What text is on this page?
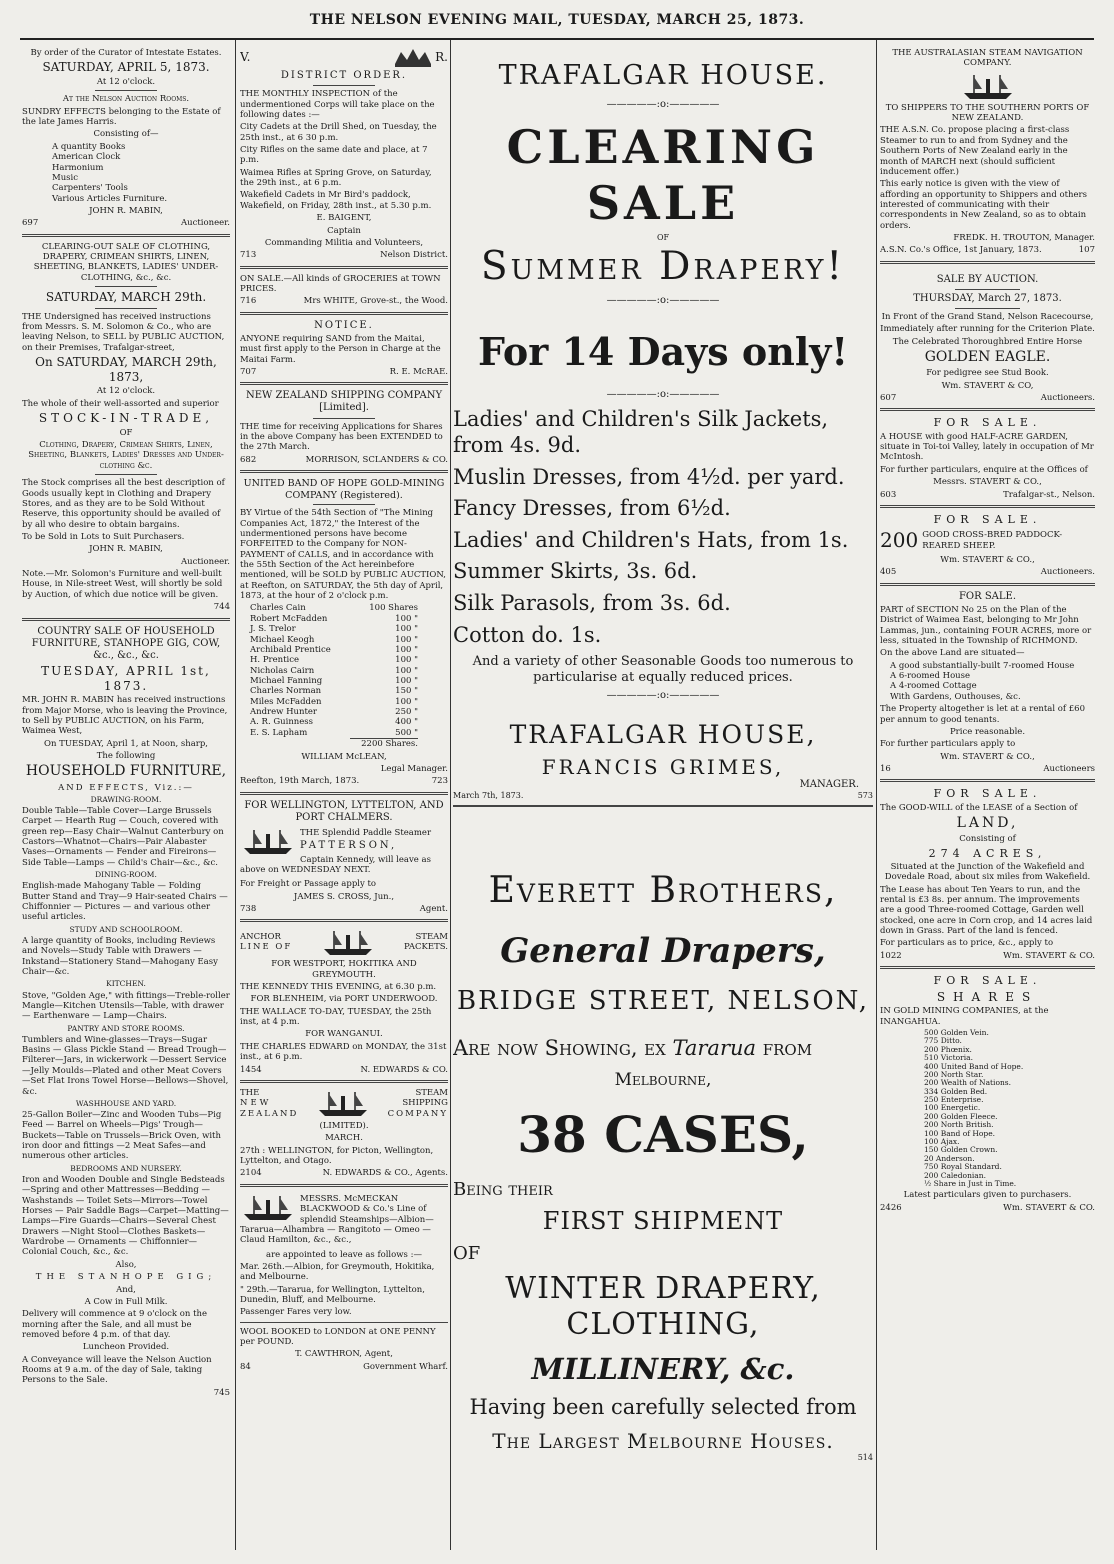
THE NELSON EVENING MAIL, TUESDAY, MARCH 25, 1873.

By order of the Curator of Intestate Estates.

SATURDAY, APRIL 5, 1873.

At 12 o'clock.

At the Nelson Auction Rooms.

SUNDRY EFFECTS belonging to the Estate of the late James Harris.

Consisting of—

A quantity Books
American Clock
Harmonium
Music
Carpenters' Tools
Various Articles Furniture.

JOHN R. MABIN,

697	Auctioneer.

CLEARING-OUT SALE OF CLOTHING, DRAPERY, CRIMEAN SHIRTS, LINEN, SHEETING, BLANKETS, LADIES' UNDER-CLOTHING, &c., &c.

SATURDAY, MARCH 29th.

THE Undersigned has received instructions from Messrs. S. M. Solomon & Co., who are leaving Nelson, to SELL by PUBLIC AUCTION, on their Premises, Trafalgar-street,

On SATURDAY, MARCH 29th, 1873,

At 12 o'clock.

The whole of their well-assorted and superior

STOCK-IN-TRADE,

OF

Clothing, Drapery, Crimean Shirts, Linen, Sheeting, Blankets, Ladies' Dresses and Under-clothing &c.

The Stock comprises all the best description of Goods usually kept in Clothing and Drapery Stores, and as they are to be Sold Without Reserve, this opportunity should be availed of by all who desire to obtain bargains.

To be Sold in Lots to Suit Purchasers.

JOHN R. MABIN,

Auctioneer.

Note.—Mr. Solomon's Furniture and well-built House, in Nile-street West, will shortly be sold by Auction, of which due notice will be given.

744

COUNTRY SALE OF HOUSEHOLD FURNITURE, STANHOPE GIG, COW, &c., &c., &c.

TUESDAY, APRIL 1st, 1873.

MR. JOHN R. MABIN has received instructions from Major Morse, who is leaving the Province, to Sell by PUBLIC AUCTION, on his Farm, Waimea West,

On TUESDAY, April 1, at Noon, sharp,

The following

HOUSEHOLD FURNITURE,

AND EFFECTS, Viz.:—

DRAWING-ROOM.

Double Table—Table Cover—Large Brussels Carpet — Hearth Rug — Couch, covered with green rep—Easy Chair—Walnut Canterbury on Castors—Whatnot—Chairs—Pair Alabaster Vases—Ornaments — Fender and Fireirons—Side Table—Lamps — Child's Chair—&c., &c.

DINING-ROOM.

English-made Mahogany Table — Folding Butter Stand and Tray—9 Hair-seated Chairs — Chiffonnier — Pictures — and various other useful articles.

STUDY AND SCHOOLROOM.

A large quantity of Books, including Reviews and Novels—Study Table with Drawers —Inkstand—Stationery Stand—Mahogany Easy Chair—&c.

KITCHEN.

Stove, "Golden Age," with fittings—Treble-roller Mangle—Kitchen Utensils—Table, with drawer — Earthenware — Lamp—Chairs.

PANTRY AND STORE ROOMS.

Tumblers and Wine-glasses—Trays—Sugar Basins — Glass Pickle Stand — Bread Trough—Filterer—Jars, in wickerwork —Dessert Service—Jelly Moulds—Plated and other Meat Covers—Set Flat Irons Towel Horse—Bellows—Shovel, &c.

WASHHOUSE AND YARD.

25-Gallon Boiler—Zinc and Wooden Tubs—Pig Feed — Barrel on Wheels—Pigs' Trough—Buckets—Table on Trussels—Brick Oven, with iron door and fittings —2 Meat Safes—and numerous other articles.

BEDROOMS AND NURSERY.

Iron and Wooden Double and Single Bedsteads—Spring and other Mattresses—Bedding — Washstands — Toilet Sets—Mirrors—Towel Horses — Pair Saddle Bags—Carpet—Matting—Lamps—Fire Guards—Chairs—Several Chest Drawers —Night Stool—Clothes Baskets—Wardrobe — Ornaments — Chiffonnier—Colonial Couch, &c., &c.

Also,

THE STANHOPE GIG;

And,

A Cow in Full Milk.

Delivery will commence at 9 o'clock on the morning after the Sale, and all must be removed before 4 p.m. of that day.

Luncheon Provided.

A Conveyance will leave the Nelson Auction Rooms at 9 a.m. of the day of Sale, taking Persons to the Sale.

745

V.	R.

DISTRICT ORDER.

THE MONTHLY INSPECTION of the undermentioned Corps will take place on the following dates :—

City Cadets at the Drill Shed, on Tuesday, the 25th inst., at 6 30 p.m.

City Rifles on the same date and place, at 7 p.m.

Waimea Rifles at Spring Grove, on Saturday, the 29th inst., at 6 p.m.

Wakefield Cadets in Mr Bird's paddock, Wakefield, on Friday, 28th inst., at 5.30 p.m.

E. BAIGENT,

Captain

Commanding Militia and Volunteers,

713	Nelson District.

ON SALE.—All kinds of GROCERIES at TOWN PRICES.

716	Mrs WHITE, Grove-st., the Wood.

NOTICE.

ANYONE requiring SAND from the Maitai, must first apply to the Person in Charge at the Maitai Farm.

707	R. E. McRAE.

NEW ZEALAND SHIPPING COMPANY [Limited].

THE time for receiving Applications for Shares in the above Company has been EXTENDED to the 27th March.

682	MORRISON, SCLANDERS & CO.

UNITED BAND OF HOPE GOLD-MINING COMPANY (Registered).

BY Virtue of the 54th Section of "The Mining Companies Act, 1872," the Interest of the undermentioned persons have become FORFEITED to the Company for NON-PAYMENT of CALLS, and in accordance with the 55th Section of the Act hereinbefore mentioned, will be SOLD by PUBLIC AUCTION, at Reefton, on SATURDAY, the 5th day of April, 1873, at the hour of 2 o'clock p.m.

Charles Cain	100 Shares
Robert McFadden	100 "
J. S. Trelor	100 "
Michael Keogh	100 "
Archibald Prentice	100 "
H. Prentice	100 "
Nicholas Cairn	100 "
Michael Fanning	100 "
Charles Norman	150 "
Miles McFadden	100 "
Andrew Hunter	250 "
A. R. Guinness	400 "
E. S. Lapham	500 "
2200 Shares.

WILLIAM McLEAN,

Legal Manager.

Reefton, 19th March, 1873.	723

FOR WELLINGTON, LYTTELTON, AND PORT CHALMERS.

THE Splendid Paddle Steamer

PATTERSON,

Captain Kennedy, will leave as above on WEDNESDAY NEXT.

For Freight or Passage apply to

JAMES S. CROSS, Jun.,

738	Agent.
ANCHOR
LINE OF
STEAM
PACKETS.

FOR WESTPORT, HOKITIKA AND GREYMOUTH.

THE KENNEDY THIS EVENING, at 6.30 p.m.

FOR BLENHEIM, via PORT UNDERWOOD.

THE WALLACE TO-DAY, TUESDAY, the 25th inst, at 4 p.m.

FOR WANGANUI.

THE CHARLES EDWARD on MONDAY, the 31st inst., at 6 p.m.

1454	N. EDWARDS & CO.
THE
NEW
ZEALAND
STEAM
SHIPPING
COMPANY

(LIMITED).

MARCH.

27th : WELLINGTON, for Picton, Wellington, Lyttelton, and Otago.

2104	N. EDWARDS & CO., Agents.

MESSRS. McMECKAN BLACKWOOD & Co.'s Line of splendid Steamships—Albion—Tararua—Alhambra — Rangitoto — Omeo — Claud Hamilton, &c., &c.,

are appointed to leave as follows :—

Mar. 26th.—Albion, for Greymouth, Hokitika, and Melbourne.

" 29th.—Tararua, for Wellington, Lyttelton, Dunedin, Bluff, and Melbourne.

Passenger Fares very low.

WOOL BOOKED to LONDON at ONE PENNY per POUND.

T. CAWTHRON, Agent,

84	Government Wharf.
TRAFALGAR HOUSE.
—————:o:—————
CLEARING SALE
OF
Summer Drapery!
—————:o:—————
For 14 Days only!
—————:o:—————
Ladies' and Children's Silk Jackets, from 4s. 9d.
Muslin Dresses, from 4½d. per yard.
Fancy Dresses, from 6½d.
Ladies' and Children's Hats, from 1s.
Summer Skirts, 3s. 6d.
Silk Parasols, from 3s. 6d.
Cotton do. 1s.
And a variety of other Seasonable Goods too numerous to particularise at equally reduced prices.
—————:o:—————
TRAFALGAR HOUSE,
FRANCIS GRIMES,
MANAGER.
March 7th, 1873.	573
Everett Brothers,
General Drapers,
BRIDGE STREET, NELSON,
Are now Showing, ex Tararua from
Melbourne,
38 CASES,
Being their
FIRST SHIPMENT
OF
WINTER DRAPERY, CLOTHING,
MILLINERY, &c.
Having been carefully selected from
The Largest Melbourne Houses.
514

THE AUSTRALASIAN STEAM NAVIGATION COMPANY.

TO SHIPPERS TO THE SOUTHERN PORTS OF NEW ZEALAND.

THE A.S.N. Co. propose placing a first-class Steamer to run to and from Sydney and the Southern Ports of New Zealand early in the month of MARCH next (should sufficient inducement offer.)

This early notice is given with the view of affording an opportunity to Shippers and others interested of communicating with their correspondents in New Zealand, so as to obtain orders.

FREDK. H. TROUTON, Manager.

A.S.N. Co.'s Office, 1st January, 1873.	107

SALE BY AUCTION.

THURSDAY, March 27, 1873.

In Front of the Grand Stand, Nelson Racecourse,

Immediately after running for the Criterion Plate.

The Celebrated Thoroughbred Entire Horse

GOLDEN EAGLE.

For pedigree see Stud Book.

Wm. STAVERT & CO,

607	Auctioneers.

FOR SALE.

A HOUSE with good HALF-ACRE GARDEN, situate in Toi-toi Valley, lately in occupation of Mr McIntosh.

For further particulars, enquire at the Offices of

Messrs. STAVERT & CO.,

603	Trafalgar-st., Nelson.

FOR SALE.

200 GOOD CROSS-BRED PADDOCK-REARED SHEEP.

Wm. STAVERT & CO.,

405	Auctioneers.

FOR SALE.

PART of SECTION No 25 on the Plan of the District of Waimea East, belonging to Mr John Lammas, jun., containing FOUR ACRES, more or less, situated in the Township of RICHMOND.

On the above Land are situated—

A good substantially-built 7-roomed House
A 6-roomed House
A 4-roomed Cottage
With Gardens, Outhouses, &c.

The Property altogether is let at a rental of £60 per annum to good tenants.

Price reasonable.

For further particulars apply to

Wm. STAVERT & CO.,

16	Auctioneers

FOR SALE.

The GOOD-WILL of the LEASE of a Section of

LAND,

Consisting of

274 ACRES,

Situated at the Junction of the Wakefield and Dovedale Road, about six miles from Wakefield.

The Lease has about Ten Years to run, and the rental is £3 8s. per annum. The improvements are a good Three-roomed Cottage, Garden well stocked, one acre in Corn crop, and 14 acres laid down in Grass. Part of the land is fenced.

For particulars as to price, &c., apply to

1022	Wm. STAVERT & CO.

FOR SALE.

SHARES

IN GOLD MINING COMPANIES, at the INANGAHUA.

500 Golden Vein.
775 Ditto.
200 Phœnix.
510 Victoria.
400 United Band of Hope.
200 North Star.
200 Wealth of Nations.
334 Golden Bed.
250 Enterprise.
100 Energetic.
200 Golden Fleece.
200 North British.
100 Band of Hope.
100 Ajax.
150 Golden Crown.
20 Anderson.
750 Royal Standard.
200 Caledonian.
½ Share in Just in Time.

Latest particulars given to purchasers.

2426	Wm. STAVERT & CO.
